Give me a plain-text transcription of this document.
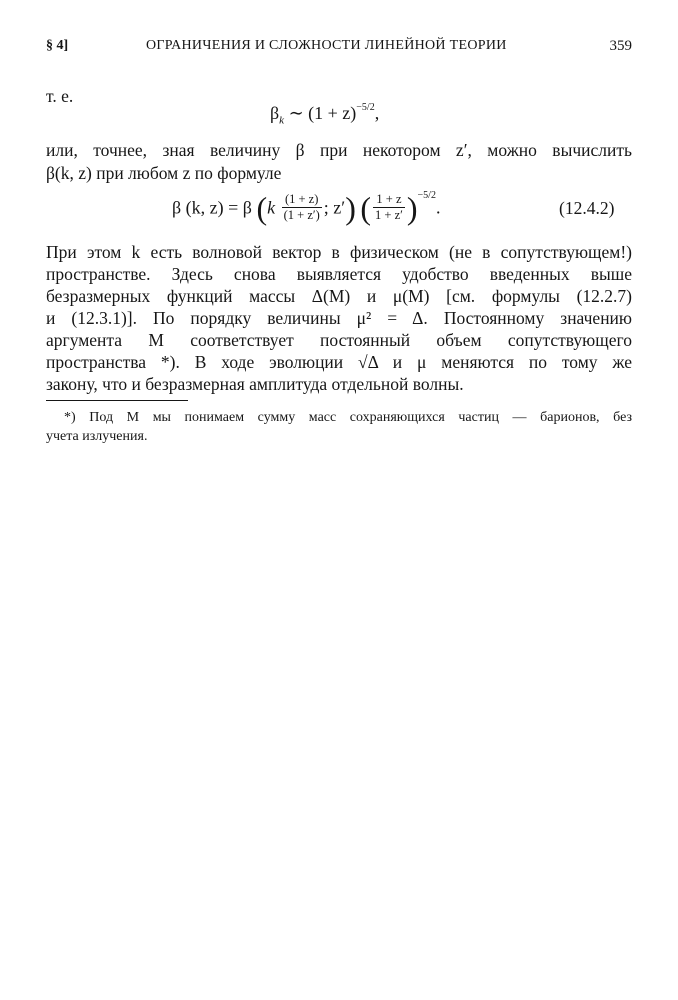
§ 4]	ОГРАНИЧЕНИЯ И СЛОЖНОСТИ ЛИНЕЙНОЙ ТЕОРИИ	359
т. е.
$\beta_k$ ∼ $(1 + z)^{-5/2}$,
или, точнее, зная величину β при некотором z′, можно вычислить
β(k, z) при любом z по формуле
β (k, z) = β ($k \frac{(1 + z)}{(1 + z')}$ ; z′) ( $\frac{1 + z}{1 + z'} )^{-5/2}$.	(12.4.2)
При этом k есть волновой вектор в физическом (не в сопутствующем!)
пространстве. Здесь снова выявляется удобство введенных выше
безразмерных функций массы Δ(M) и μ(M) [см. формулы (12.2.7)
и (12.3.1)]. По порядку величины μ² = Δ. Постоянному значению
аргумента M соответствует постоянный объем сопутствующего
пространства *). В ходе эволюции √Δ и μ меняются по тому же
закону, что и безразмерная амплитуда отдельной волны.
*) Под M мы понимаем сумму масс сохраняющихся частиц — барионов, без
учета излучения.
